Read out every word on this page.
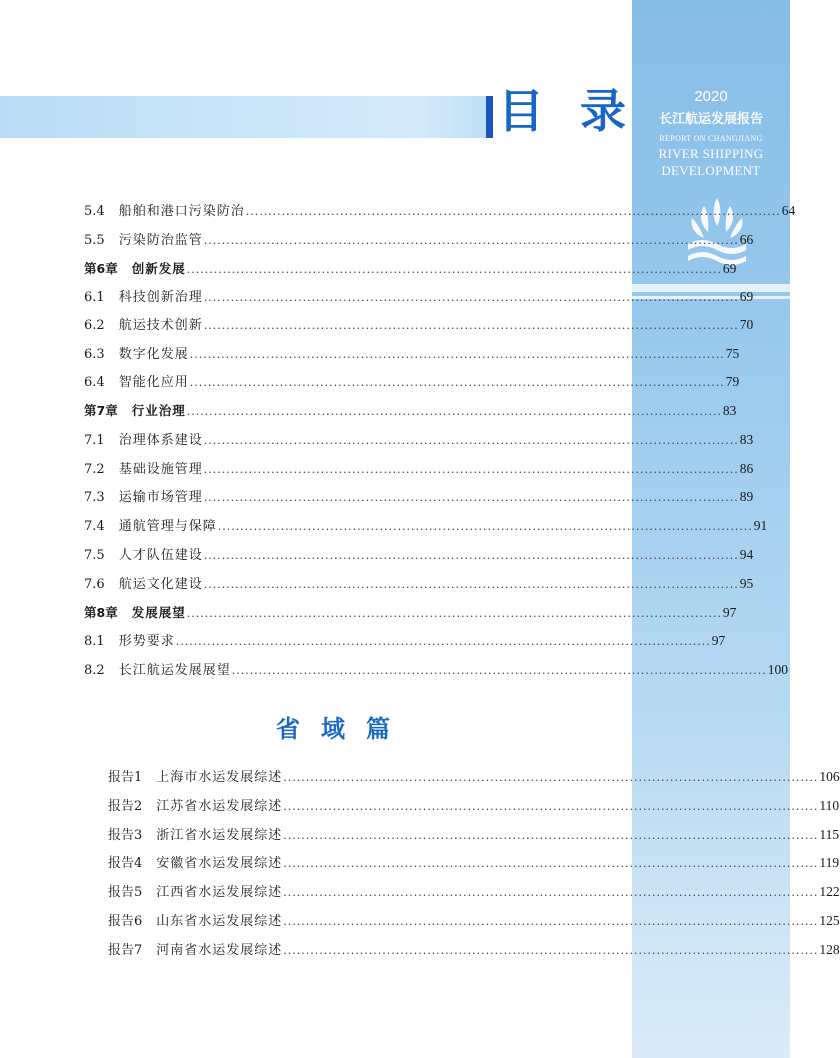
2020
长江航运发展报告
REPORT ON CHANGJIANG
RIVER SHIPPING
DEVELOPMENT
目 录
5.4	船舶和港口污染防治 ....................................................................................................................... 64
5.5	污染防治监管 ....................................................................................................................... 66
第6章	创新发展 ....................................................................................................................... 69
6.1	科技创新治理 ....................................................................................................................... 69
6.2	航运技术创新 ....................................................................................................................... 70
6.3	数字化发展 ....................................................................................................................... 75
6.4	智能化应用 ....................................................................................................................... 79
第7章	行业治理 ....................................................................................................................... 83
7.1	治理体系建设 ....................................................................................................................... 83
7.2	基础设施管理 ....................................................................................................................... 86
7.3	运输市场管理 ....................................................................................................................... 89
7.4	通航管理与保障 ....................................................................................................................... 91
7.5	人才队伍建设 ....................................................................................................................... 94
7.6	航运文化建设 ....................................................................................................................... 95
第8章	发展展望 ....................................................................................................................... 97
8.1	形势要求 ....................................................................................................................... 97
8.2	长江航运发展展望 ....................................................................................................................... 100
省域篇
报告1	上海市水运发展综述 ....................................................................................................................... 106
报告2	江苏省水运发展综述 ....................................................................................................................... 110
报告3	浙江省水运发展综述 ....................................................................................................................... 115
报告4	安徽省水运发展综述 ....................................................................................................................... 119
报告5	江西省水运发展综述 ....................................................................................................................... 122
报告6	山东省水运发展综述 ....................................................................................................................... 125
报告7	河南省水运发展综述 ....................................................................................................................... 128
